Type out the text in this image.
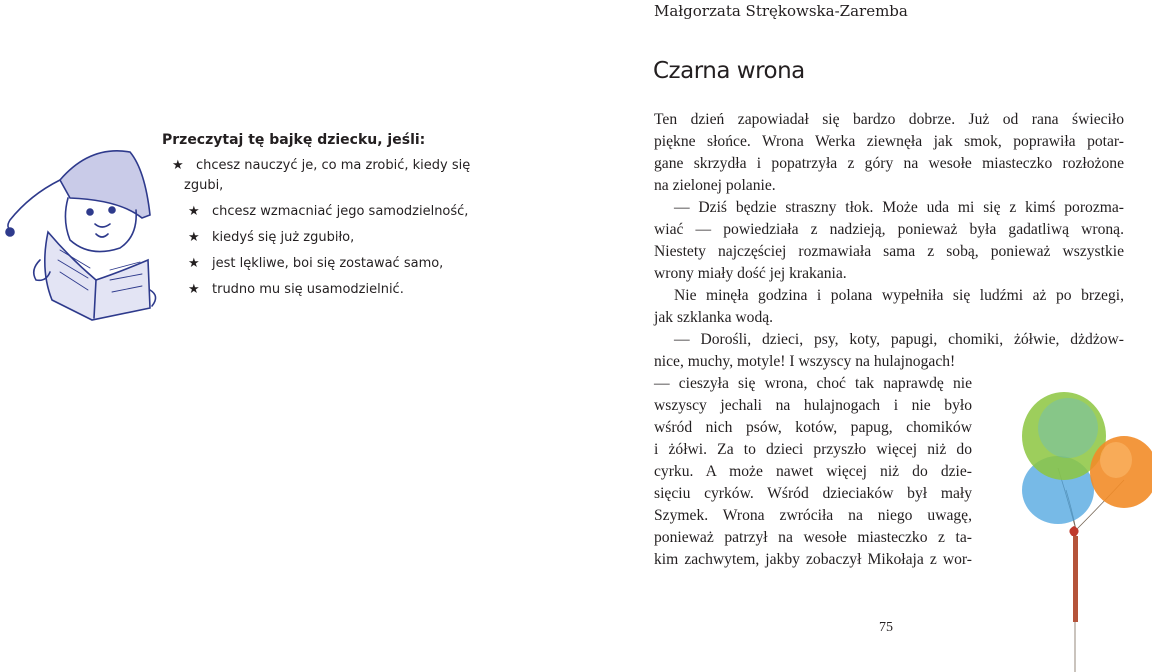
Przeczytaj tę bajkę dziecku, jeśli:
★ chcesz nauczyć je, co ma zrobić, kiedy się
zgubi,
★ chcesz wzmacniać jego samodzielność,
★ kiedyś się już zgubiło,
★ jest lękliwe, boi się zostawać samo,
★ trudno mu się usamodzielnić.
Małgorzata Strękowska-Zaremba
Czarna wrona
Ten dzień zapowiadał się bardzo dobrze. Już od rana świeciło
piękne słońce. Wrona Werka ziewnęła jak smok, poprawiła potar-
gane skrzydła i popatrzyła z góry na wesołe miasteczko rozłożone
na zielonej polanie.
— Dziś będzie straszny tłok. Może uda mi się z kimś porozma-
wiać — powiedziała z nadzieją, ponieważ była gadatliwą wroną.
Niestety najczęściej rozmawiała sama z sobą, ponieważ wszystkie
wrony miały dość jej krakania.
Nie minęła godzina i polana wypełniła się ludźmi aż po brzegi,
jak szklanka wodą.
— Dorośli, dzieci, psy, koty, papugi, chomiki, żółwie, dżdżow-
nice, muchy, motyle! I wszyscy na hulajnogach!
— cieszyła się wrona, choć tak naprawdę nie
wszyscy jechali na hulajnogach i nie było
wśród nich psów, kotów, papug, chomików
i żółwi. Za to dzieci przyszło więcej niż do
cyrku. A może nawet więcej niż do dzie-
sięciu cyrków. Wśród dzieciaków był mały
Szymek. Wrona zwróciła na niego uwagę,
ponieważ patrzył na wesołe miasteczko z ta-
kim zachwytem, jakby zobaczył Mikołaja z wor-
75
